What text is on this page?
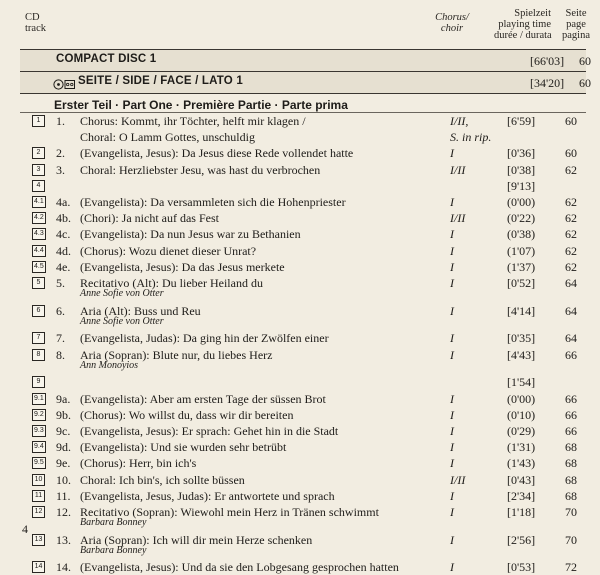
CD
track
Chorus/
choir
Spielzeit
playing time
durée / durata
Seite
page
pagina
COMPACT DISC 1	[66'03] 60
SEITE / SIDE / FACE / LATO 1	[34'20] 60
Erster Teil · Part One · Première Partie · Parte prima
1	1. Chorus: Kommt, ihr Töchter, helft mir klagen /	I/II,	[6'59] 60
Choral: O Lamm Gottes, unschuldig	S. in rip.
2	2. (Evangelista, Jesus): Da Jesus diese Rede vollendet hatte	I	[0'36] 60
3	3. Choral: Herzliebster Jesu, was hast du verbrochen	I/II	[0'38] 62
4	[9'13]
4.1 4a. (Evangelista): Da versammleten sich die Hohenpriester	I	(0'00) 62
4.2 4b. (Chori): Ja nicht auf das Fest	I/II	(0'22) 62
4.3 4c. (Evangelista): Da nun Jesus war zu Bethanien	I	(0'38) 62
4.4 4d. (Chorus): Wozu dienet dieser Unrat?	I	(1'07) 62
4.5 4e. (Evangelista, Jesus): Da das Jesus merkete	I	(1'37) 62
5	5. Recitativo (Alt): Du lieber Heiland du	I	[0'52] 64
Anne Sofie von Otter
6	6. Aria (Alt): Buss und Reu	I	[4'14] 64
Anne Sofie von Otter
7	7. (Evangelista, Judas): Da ging hin der Zwölfen einer	I	[0'35] 64
8	8. Aria (Sopran): Blute nur, du liebes Herz	I	[4'43] 66
Ann Monoyios
9	[1'54]
9.1 9a. (Evangelista): Aber am ersten Tage der süssen Brot	I	(0'00) 66
9.2 9b. (Chorus): Wo willst du, dass wir dir bereiten	I	(0'10) 66
9.3 9c. (Evangelista, Jesus): Er sprach: Gehet hin in die Stadt	I	(0'29) 66
9.4 9d. (Evangelista): Und sie wurden sehr betrübt	I	(1'31) 68
9.5 9e. (Chorus): Herr, bin ich's	I	(1'43) 68
10 10. Choral: Ich bin's, ich sollte büssen	I/II	[0'43] 68
11 11. (Evangelista, Jesus, Judas): Er antwortete und sprach	I	[2'34] 68
12 12. Recitativo (Sopran): Wiewohl mein Herz in Tränen schwimmt	I	[1'18] 70
Barbara Bonney
13 13. Aria (Sopran): Ich will dir mein Herze schenken	I	[2'56] 70
Barbara Bonney
14 14. (Evangelista, Jesus): Und da sie den Lobgesang gesprochen hatten	I	[0'53] 72
4
